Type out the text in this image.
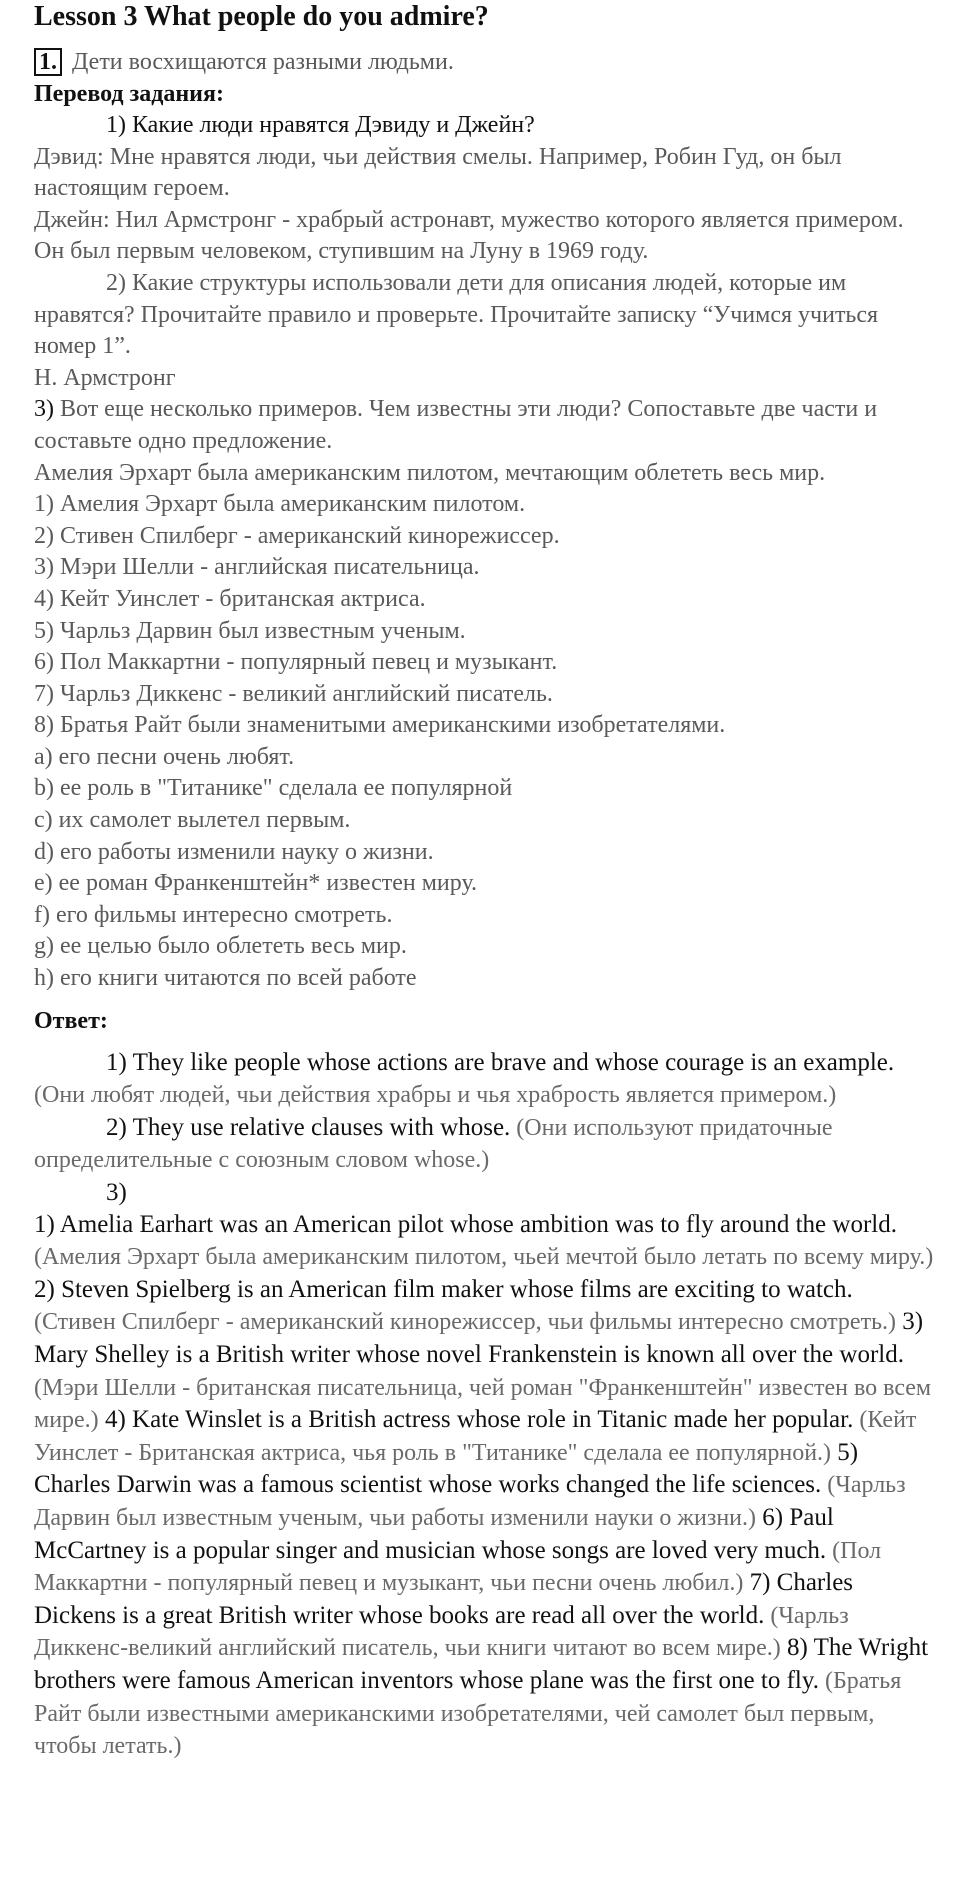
Lesson 3 What people do you admire?
1. Дети восхищаются разными людьми.

Перевод задания:

1) Какие люди нравятся Дэвиду и Джейн?

Дэвид: Мне нравятся люди, чьи действия смелы. Например, Робин Гуд, он был настоящим героем.

Джейн: Нил Армстронг - храбрый астронавт, мужество которого является примером. Он был первым человеком, ступившим на Луну в 1969 году.

2) Какие структуры использовали дети для описания людей, которые им нравятся? Прочитайте правило и проверьте. Прочитайте записку “Учимся учиться номер 1”.

Н. Армстронг

3) Вот еще несколько примеров. Чем известны эти люди? Сопоставьте две части и составьте одно предложение.

Амелия Эрхарт была американским пилотом, мечтающим облететь весь мир.

1) Амелия Эрхарт была американским пилотом.

2) Стивен Спилберг - американский кинорежиссер.

3) Мэри Шелли - английская писательница.

4) Кейт Уинслет - британская актриса.

5) Чарльз Дарвин был известным ученым.

6) Пол Маккартни - популярный певец и музыкант.

7) Чарльз Диккенс - великий английский писатель.

8) Братья Райт были знаменитыми американскими изобретателями.

a) его песни очень любят.

b) ее роль в "Титанике" сделала ее популярной

c) их самолет вылетел первым.

d) его работы изменили науку о жизни.

e) ее роман Франкенштейн* известен миру.

f) его фильмы интересно смотреть.

g) ее целью было облететь весь мир.

h) его книги читаются по всей работе

Ответ:

1) They like people whose actions are brave and whose courage is an example. (Они любят людей, чьи действия храбры и чья храбрость является примером.)

2) They use relative clauses with whose. (Они используют придаточные определительные с союзным словом whose.)

3)

1) Amelia Earhart was an American pilot whose ambition was to fly around the world. (Амелия Эрхарт была американским пилотом, чьей мечтой было летать по всему миру.) 2) Steven Spielberg is an American film maker whose films are exciting to watch. (Стивен Спилберг - американский кинорежиссер, чьи фильмы интересно смотреть.) 3) Mary Shelley is a British writer whose novel Frankenstein is known all over the world. (Мэри Шелли - британская писательница, чей роман "Франкенштейн" известен во всем мире.) 4) Kate Winslet is a British actress whose role in Titanic made her popular. (Кейт Уинслет - Британская актриса, чья роль в "Титанике" сделала ее популярной.) 5) Charles Darwin was a famous scientist whose works changed the life sciences. (Чарльз Дарвин был известным ученым, чьи работы изменили науки о жизни.) 6) Paul McCartney is a popular singer and musician whose songs are loved very much. (Пол Маккартни - популярный певец и музыкант, чьи песни очень любил.) 7) Charles Dickens is a great British writer whose books are read all over the world. (Чарльз Диккенс-великий английский писатель, чьи книги читают во всем мире.) 8) The Wright brothers were famous American inventors whose plane was the first one to fly. (Братья Райт были известными американскими изобретателями, чей самолет был первым, чтобы летать.)
